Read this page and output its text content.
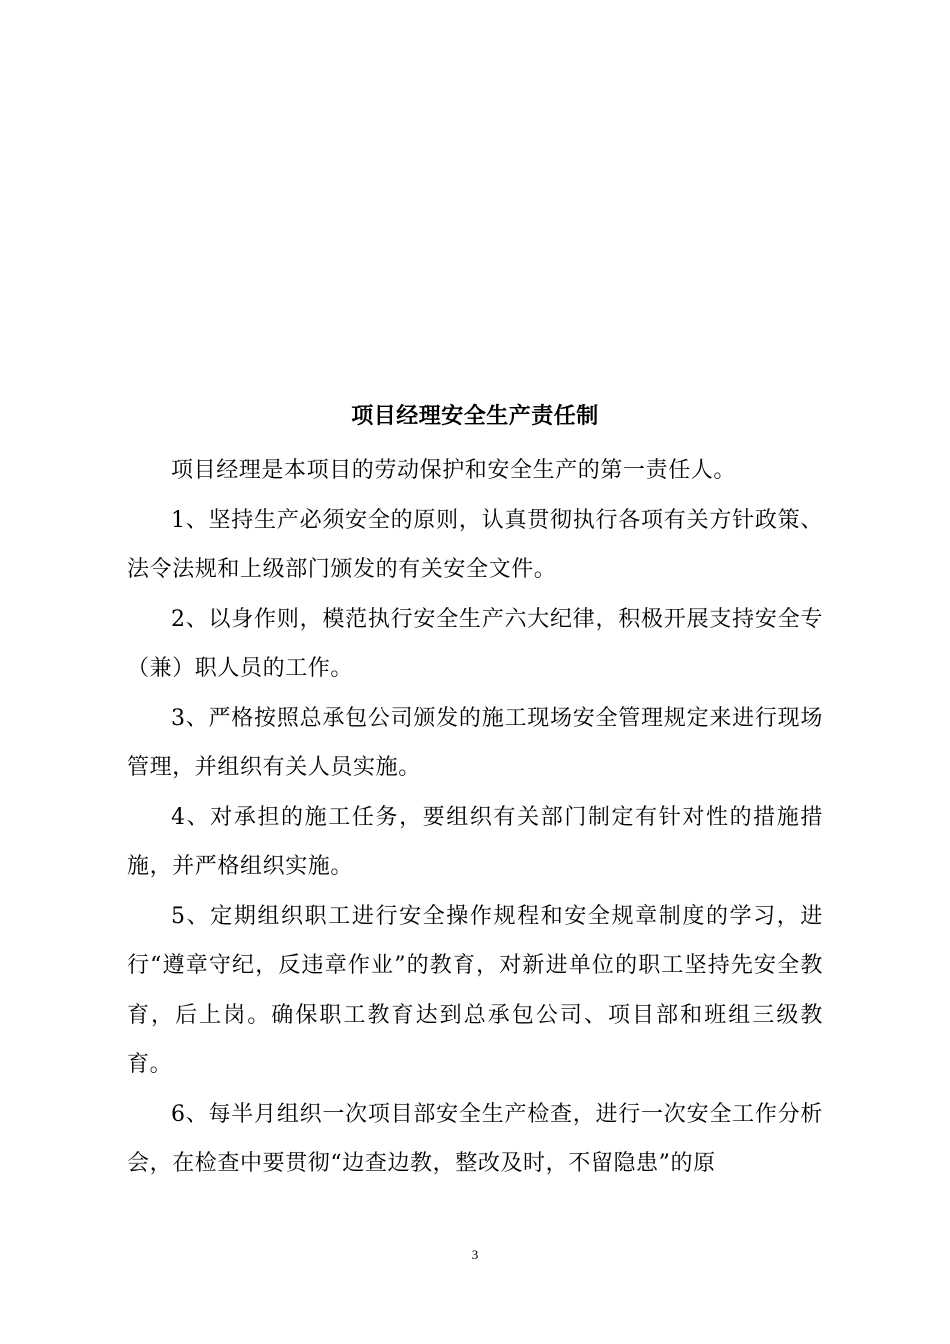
项目经理安全生产责任制

项目经理是本项目的劳动保护和安全生产的第一责任人。

1、坚持生产必须安全的原则，认真贯彻执行各项有关方针政策、法令法规和上级部门颁发的有关安全文件。

2、以身作则，模范执行安全生产六大纪律，积极开展支持安全专（兼）职人员的工作。

3、严格按照总承包公司颁发的施工现场安全管理规定来进行现场管理，并组织有关人员实施。

4、对承担的施工任务，要组织有关部门制定有针对性的措施措施，并严格组织实施。

5、定期组织职工进行安全操作规程和安全规章制度的学习，进行“遵章守纪，反违章作业”的教育，对新进单位的职工坚持先安全教育，后上岗。确保职工教育达到总承包公司、项目部和班组三级教育。

6、每半月组织一次项目部安全生产检查，进行一次安全工作分析会，在检查中要贯彻“边查边教，整改及时，不留隐患”的原

3
